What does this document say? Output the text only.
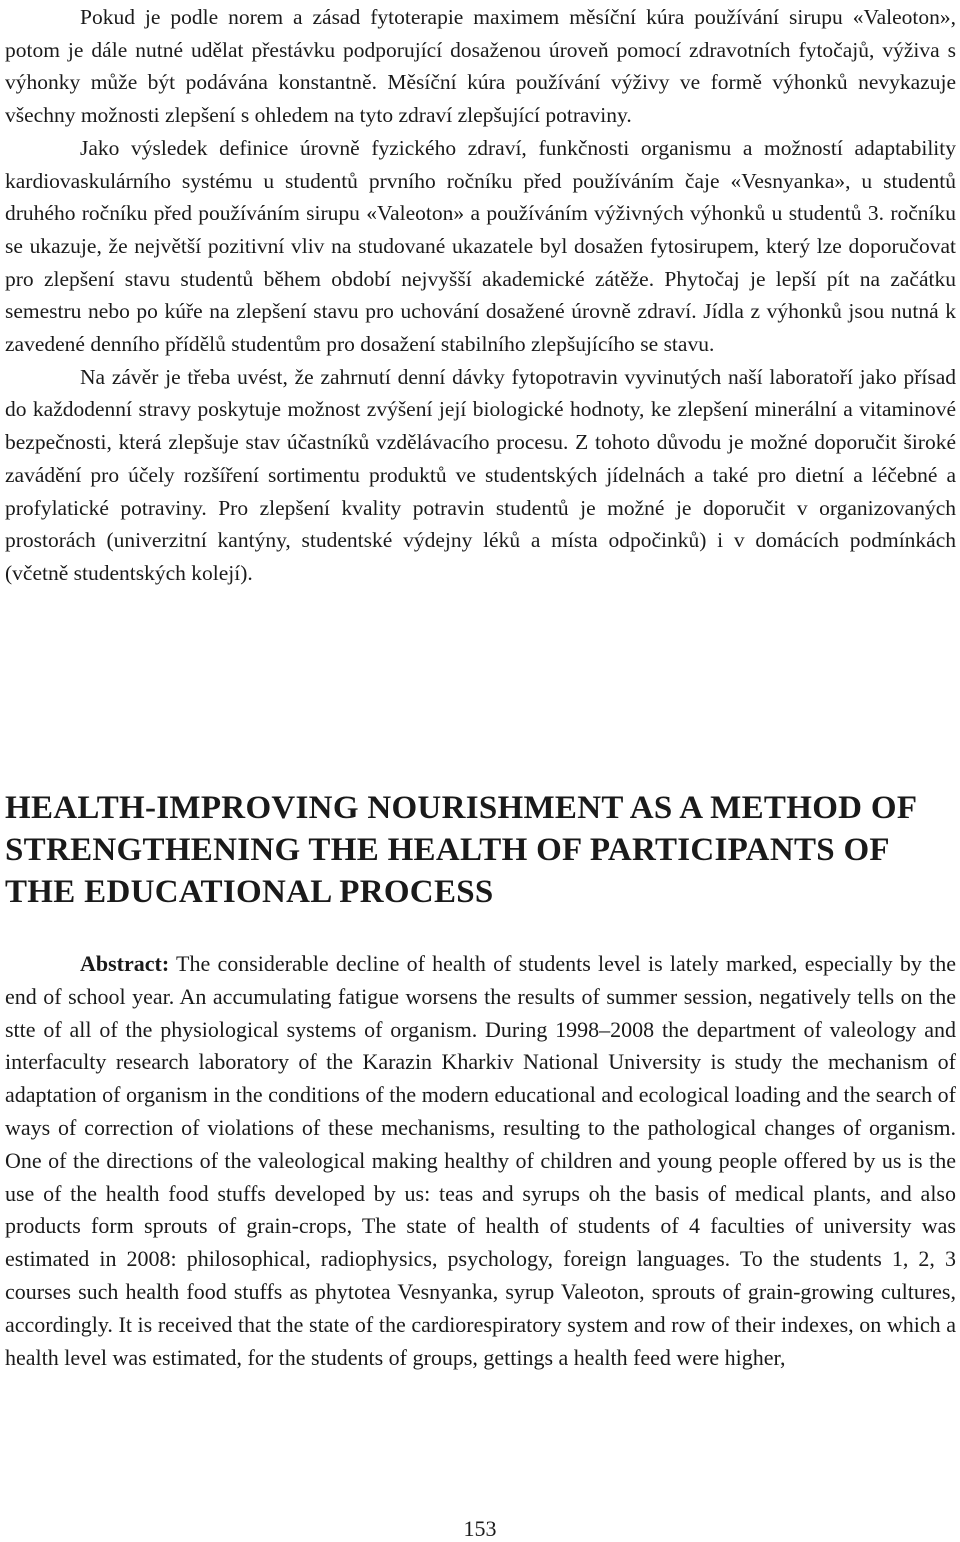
Pokud je podle norem a zásad fytoterapie maximem měsíční kúra používání sirupu «Valeoton», potom je dále nutné udělat přestávku podporující dosaženou úroveň pomocí zdravotních fytočajů, výživa s výhonky může být podávána konstantně. Měsíční kúra používání výživy ve formě výhonků nevykazuje všechny možnosti zlepšení s ohledem na tyto zdraví zlepšující potraviny.

Jako výsledek definice úrovně fyzického zdraví, funkčnosti organismu a možností adaptability kardiovaskulárního systému u studentů prvního ročníku před používáním čaje «Vesnyanka», u studentů druhého ročníku před používáním sirupu «Valeoton» a používáním výživných výhonků u studentů 3. ročníku se ukazuje, že největší pozitivní vliv na studované ukazatele byl dosažen fytosirupem, který lze doporučovat pro zlepšení stavu studentů během období nejvyšší akademické zátěže. Phytočaj je lepší pít na začátku semestru nebo po kúře na zlepšení stavu pro uchování dosažené úrovně zdraví. Jídla z výhonků jsou nutná k zavedené denního přídělů studentům pro dosažení stabilního zlepšujícího se stavu.

Na závěr je třeba uvést, že zahrnutí denní dávky fytopotravin vyvinutých naší laboratoří jako přísad do každodenní stravy poskytuje možnost zvýšení její biologické hodnoty, ke zlepšení minerální a vitaminové bezpečnosti, která zlepšuje stav účastníků vzdělávacího procesu. Z tohoto důvodu je možné doporučit široké zavádění pro účely rozšíření sortimentu produktů ve studentských jídelnách a také pro dietní a léčebné a profylatické potraviny. Pro zlepšení kvality potravin studentů je možné je doporučit v organizovaných prostorách (univerzitní kantýny, studentské výdejny léků a místa odpočinků) i v domácích podmínkách (včetně studentských kolejí).

HEALTH-IMPROVING NOURISHMENT AS A METHOD OF STRENGTHENING THE HEALTH OF PARTICIPANTS OF THE EDUCATIONAL PROCESS

Abstract: The considerable decline of health of students level is lately marked, especially by the end of school year. An accumulating fatigue worsens the results of summer session, negatively tells on the stte of all of the physiological systems of organism. During 1998–2008 the department of valeology and interfaculty research laboratory of the Karazin Kharkiv National University is study the mechanism of adaptation of organism in the conditions of the modern educational and ecological loading and the search of ways of correction of violations of these mechanisms, resulting to the pathological changes of organism. One of the directions of the valeological making healthy of children and young people offered by us is the use of the health food stuffs developed by us: teas and syrups oh the basis of medical plants, and also products form sprouts of grain-crops, The state of health of students of 4 faculties of university was estimated in 2008: philosophical, radiophysics, psychology, foreign languages. To the students 1, 2, 3 courses such health food stuffs as phytotea Vesnyanka, syrup Valeoton, sprouts of grain-growing cultures, accordingly. It is received that the state of the cardiorespiratory system and row of their indexes, on which a health level was estimated, for the students of groups, gettings a health feed were higher,

153
